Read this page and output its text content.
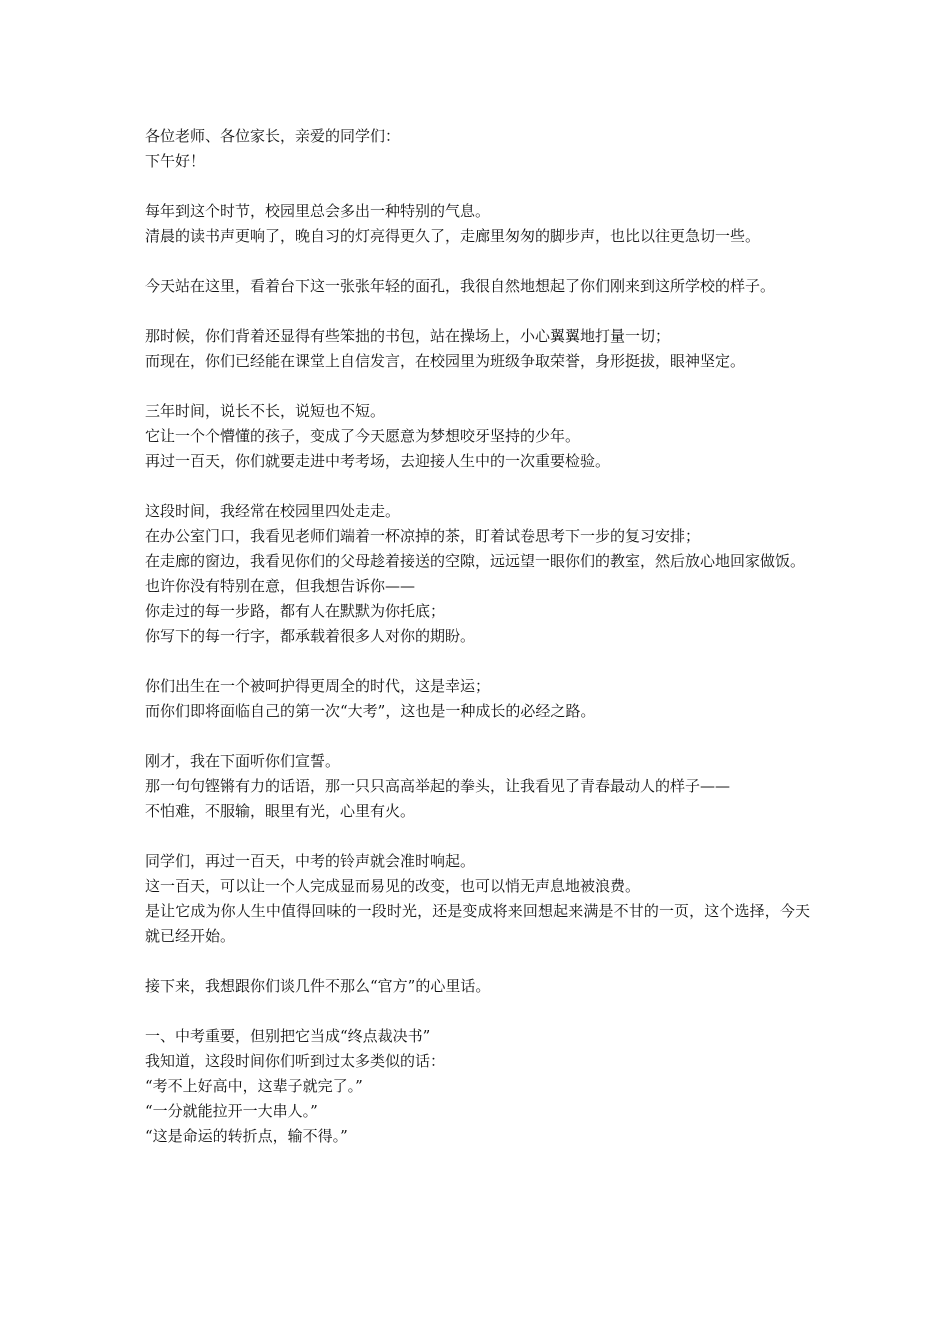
各位老师、各位家长，亲爱的同学们：
下午好！
每年到这个时节，校园里总会多出一种特别的气息。
清晨的读书声更响了，晚自习的灯亮得更久了，走廊里匆匆的脚步声，也比以往更急切一些。
今天站在这里，看着台下这一张张年轻的面孔，我很自然地想起了你们刚来到这所学校的样子。
那时候，你们背着还显得有些笨拙的书包，站在操场上，小心翼翼地打量一切；
而现在，你们已经能在课堂上自信发言，在校园里为班级争取荣誉，身形挺拔，眼神坚定。
三年时间，说长不长，说短也不短。
它让一个个懵懂的孩子，变成了今天愿意为梦想咬牙坚持的少年。
再过一百天，你们就要走进中考考场，去迎接人生中的一次重要检验。
这段时间，我经常在校园里四处走走。
在办公室门口，我看见老师们端着一杯凉掉的茶，盯着试卷思考下一步的复习安排；
在走廊的窗边，我看见你们的父母趁着接送的空隙，远远望一眼你们的教室，然后放心地回家做饭。
也许你没有特别在意，但我想告诉你——
你走过的每一步路，都有人在默默为你托底；
你写下的每一行字，都承载着很多人对你的期盼。
你们出生在一个被呵护得更周全的时代，这是幸运；
而你们即将面临自己的第一次“大考”，这也是一种成长的必经之路。
刚才，我在下面听你们宣誓。
那一句句铿锵有力的话语，那一只只高高举起的拳头，让我看见了青春最动人的样子——
不怕难，不服输，眼里有光，心里有火。
同学们，再过一百天，中考的铃声就会准时响起。
这一百天，可以让一个人完成显而易见的改变，也可以悄无声息地被浪费。
是让它成为你人生中值得回味的一段时光，还是变成将来回想起来满是不甘的一页，这个选择，今天就已经开始。
接下来，我想跟你们谈几件不那么“官方”的心里话。
一、中考重要，但别把它当成“终点裁决书”
我知道，这段时间你们听到过太多类似的话：
“考不上好高中，这辈子就完了。”
“一分就能拉开一大串人。”
“这是命运的转折点，输不得。”
